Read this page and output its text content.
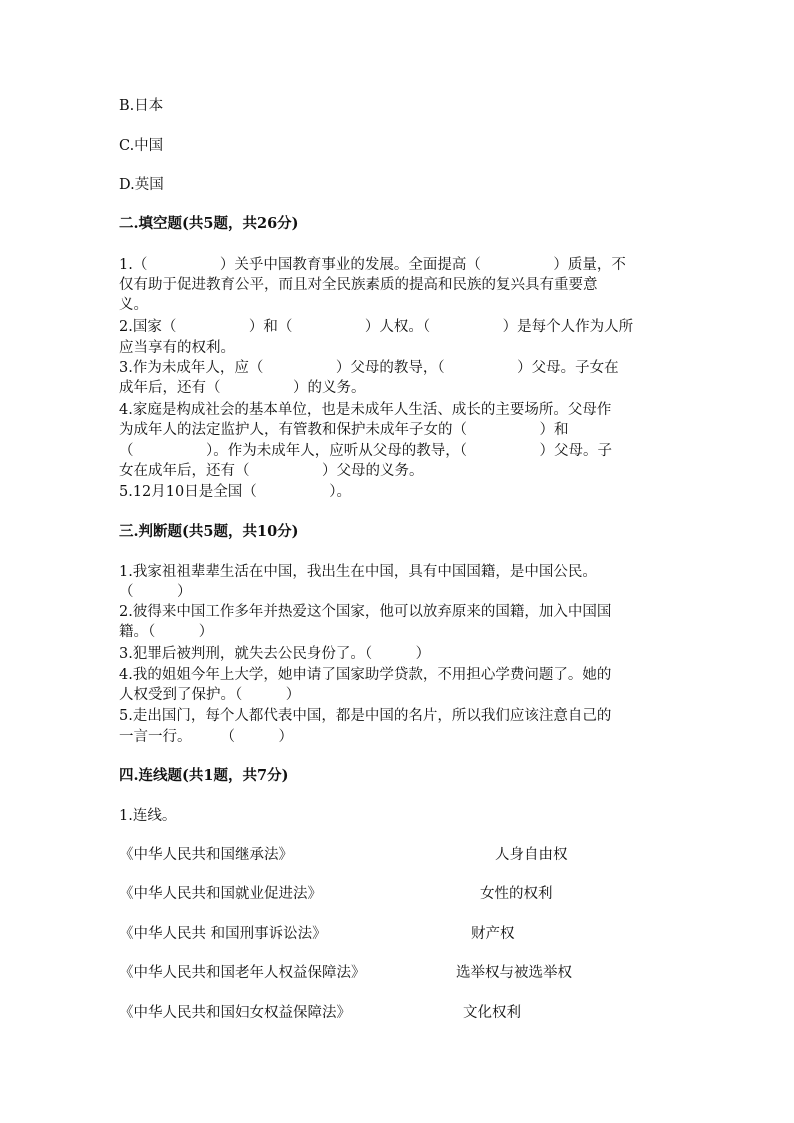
B.日本
C.中国
D.英国
二.填空题(共5题，共26分)
1.（　　　　　）关乎中国教育事业的发展。全面提高（　　　　　）质量，不
仅有助于促进教育公平，而且对全民族素质的提高和民族的复兴具有重要意
义。
2.国家（　　　　　）和（　　　　　）人权。（　　　　　）是每个人作为人所
应当享有的权利。
3.作为未成年人，应（　　　　　）父母的教导，（　　　　　）父母。子女在
成年后，还有（　　　　　）的义务。
4.家庭是构成社会的基本单位，也是未成年人生活、成长的主要场所。父母作
为成年人的法定监护人，有管教和保护未成年子女的（　　　　　）和
（　　　　　）。作为未成年人，应听从父母的教导，（　　　　　）父母。子
女在成年后，还有（　　　　　）父母的义务。
5.12月10日是全国（　　　　　）。
三.判断题(共5题，共10分)
1.我家祖祖辈辈生活在中国，我出生在中国，具有中国国籍，是中国公民。
（　　　）
2.彼得来中国工作多年并热爱这个国家，他可以放弃原来的国籍，加入中国国
籍。（　　　）
3.犯罪后被判刑，就失去公民身份了。（　　　）
4.我的姐姐今年上大学，她申请了国家助学贷款，不用担心学费问题了。她的
人权受到了保护。（　　　）
5.走出国门，每个人都代表中国，都是中国的名片，所以我们应该注意自己的
一言一行。　　　（　　　）
四.连线题(共1题，共7分)
1.连线。
《中华人民共和国继承法》	人身自由权
《中华人民共和国就业促进法》	女性的权利
《中华人民共 和国刑事诉讼法》	财产权
《中华人民共和国老年人权益保障法》	选举权与被选举权
《中华人民共和国妇女权益保障法》	文化权利
